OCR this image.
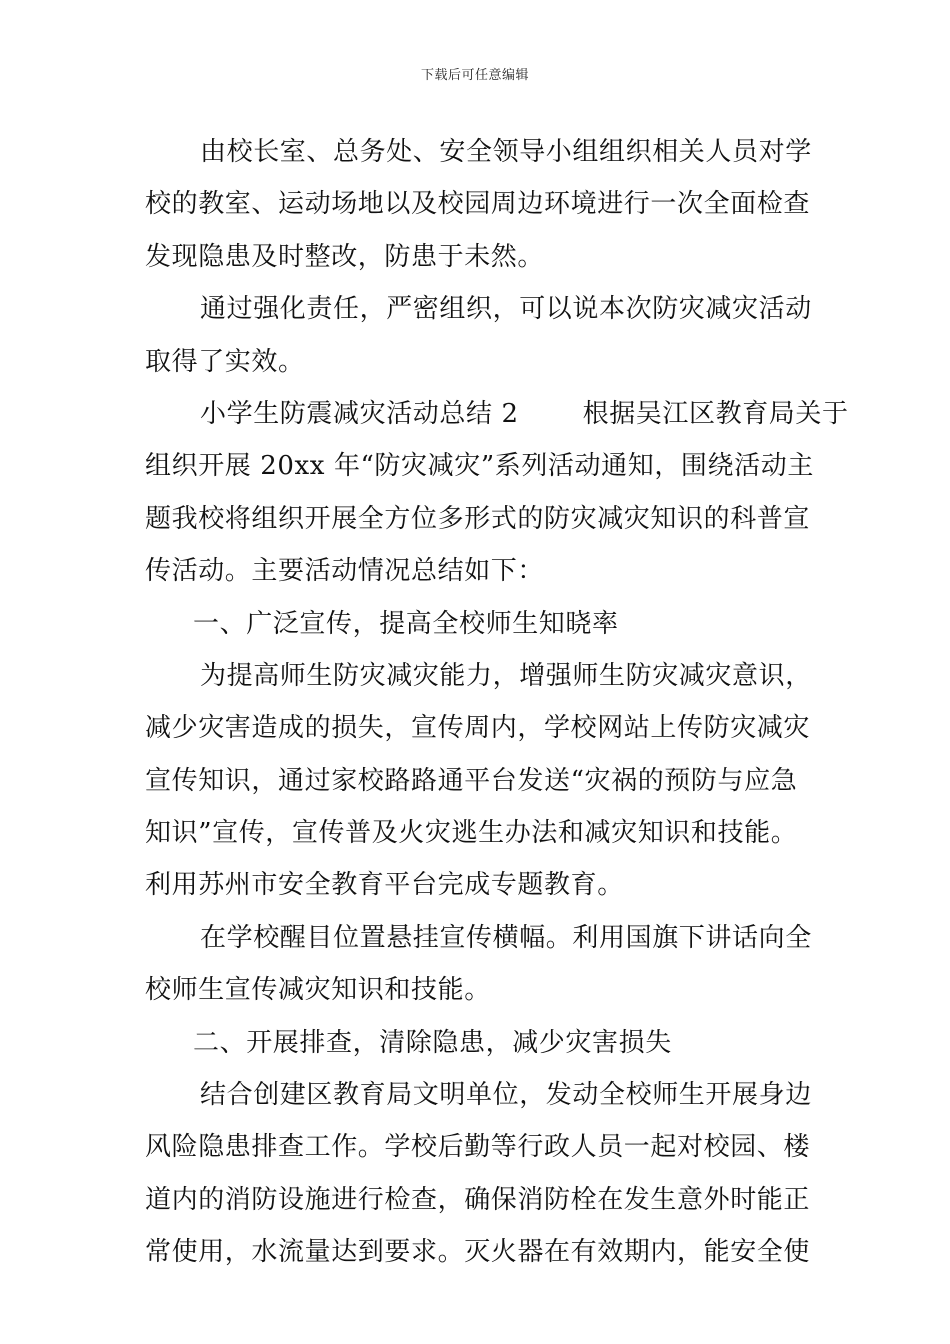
下载后可任意编辑
由校长室、总务处、安全领导小组组织相关人员对学
校的教室、运动场地以及校园周边环境进行一次全面检查
发现隐患及时整改，防患于未然。
通过强化责任，严密组织，可以说本次防灾减灾活动
取得了实效。
小学生防震减灾活动总结 2 根据吴江区教育局关于
组织开展 20xx 年“防灾减灾”系列活动通知，围绕活动主
题我校将组织开展全方位多形式的防灾减灾知识的科普宣
传活动。主要活动情况总结如下：
一、广泛宣传，提高全校师生知晓率
为提高师生防灾减灾能力，增强师生防灾减灾意识，
减少灾害造成的损失，宣传周内，学校网站上传防灾减灾
宣传知识，通过家校路路通平台发送“灾祸的预防与应急
知识”宣传，宣传普及火灾逃生办法和减灾知识和技能。
利用苏州市安全教育平台完成专题教育。
在学校醒目位置悬挂宣传横幅。利用国旗下讲话向全
校师生宣传减灾知识和技能。
二、开展排查，清除隐患，减少灾害损失
结合创建区教育局文明单位，发动全校师生开展身边
风险隐患排查工作。学校后勤等行政人员一起对校园、楼
道内的消防设施进行检查，确保消防栓在发生意外时能正
常使用，水流量达到要求。灭火器在有效期内，能安全使
